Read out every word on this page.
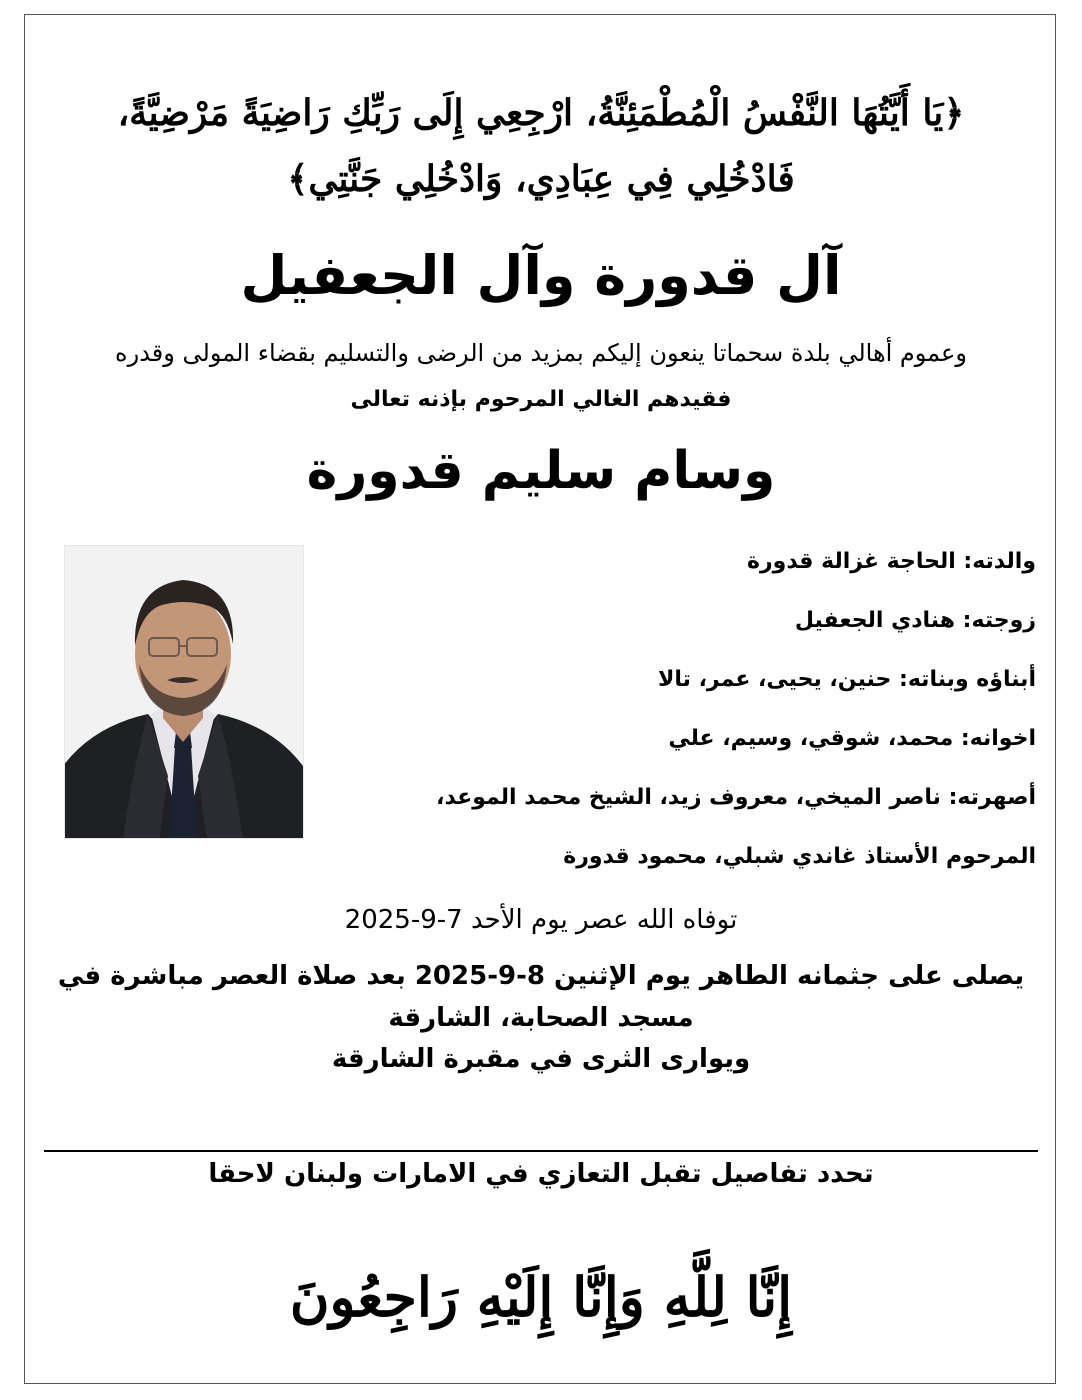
﴿يَا أَيَّتُهَا النَّفْسُ الْمُطْمَئِنَّةُ، ارْجِعِي إِلَى رَبِّكِ رَاضِيَةً مَرْضِيَّةً،
فَادْخُلِي فِي عِبَادِي، وَادْخُلِي جَنَّتِي﴾
آل قدورة وآل الجعفيل
وعموم أهالي بلدة سحماتا ينعون إليكم بمزيد من الرضى والتسليم بقضاء المولى وقدره
فقيدهم الغالي المرحوم بإذنه تعالى
وسام سليم قدورة
والدته: الحاجة غزالة قدورة
زوجته: هنادي الجعفيل
أبناؤه وبناته: حنين، يحيى، عمر، تالا
اخوانه: محمد، شوقي، وسيم، علي
أصهرته: ناصر الميخي، معروف زيد، الشيخ محمد الموعد،
المرحوم الأستاذ غاندي شبلي، محمود قدورة
توفاه الله عصر يوم الأحد 7-9-2025
يصلى على جثمانه الطاهر يوم الإثنين 8-9-2025 بعد صلاة العصر مباشرة في
مسجد الصحابة، الشارقة
ويوارى الثرى في مقبرة الشارقة
تحدد تفاصيل تقبل التعازي في الامارات ولبنان لاحقا
إِنَّا لِلَّهِ وَإِنَّا إِلَيْهِ رَاجِعُونَ
